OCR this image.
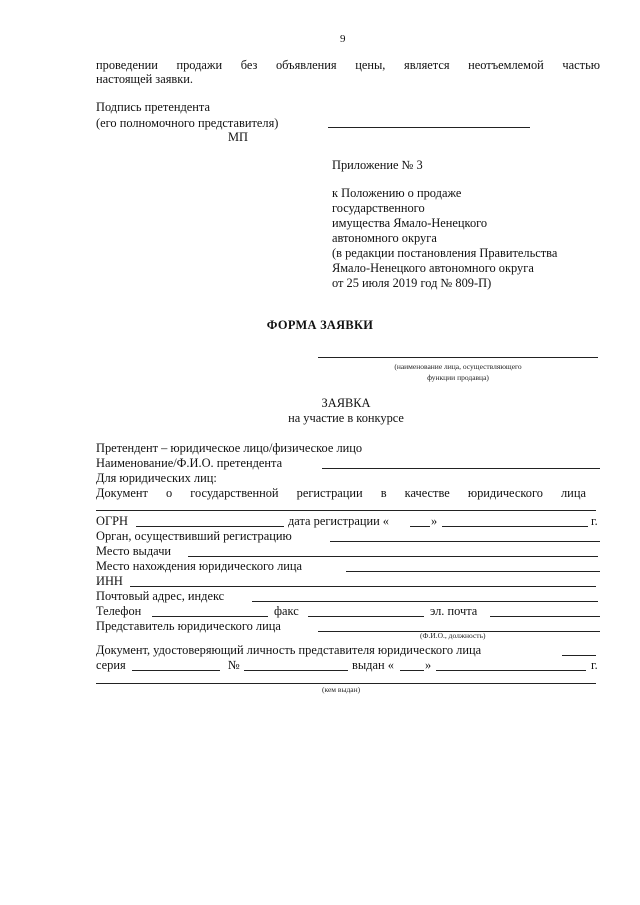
9
проведении продажи без объявления цены, является неотъемлемой частью
настоящей заявки.
Подпись претендента
(его полномочного представителя)
МП
Приложение № 3
к Положению о продаже
государственного
имущества Ямало-Ненецкого
автономного округа
(в редакции постановления Правительства
Ямало-Ненецкого автономного округа
от 25 июля 2019 год № 809-П)
ФОРМА ЗАЯВКИ
(наименование лица, осуществляющего
функции продавца)
ЗАЯВКА
на участие в конкурсе
Претендент – юридическое лицо/физическое лицо
Наименование/Ф.И.О. претендента
Для юридических лиц:
Документ о государственной регистрации в качестве юридического лица
ОГРН	дата регистрации «	»	г.
Орган, осуществивший регистрацию
Место выдачи
Место нахождения юридического лица
ИНН
Почтовый адрес, индекс
Телефон	факс	эл. почта
Представитель юридического лица
(Ф.И.О., должность)
Документ, удостоверяющий личность представителя юридического лица
серия	№	выдан «	»	г.
(кем выдан)
